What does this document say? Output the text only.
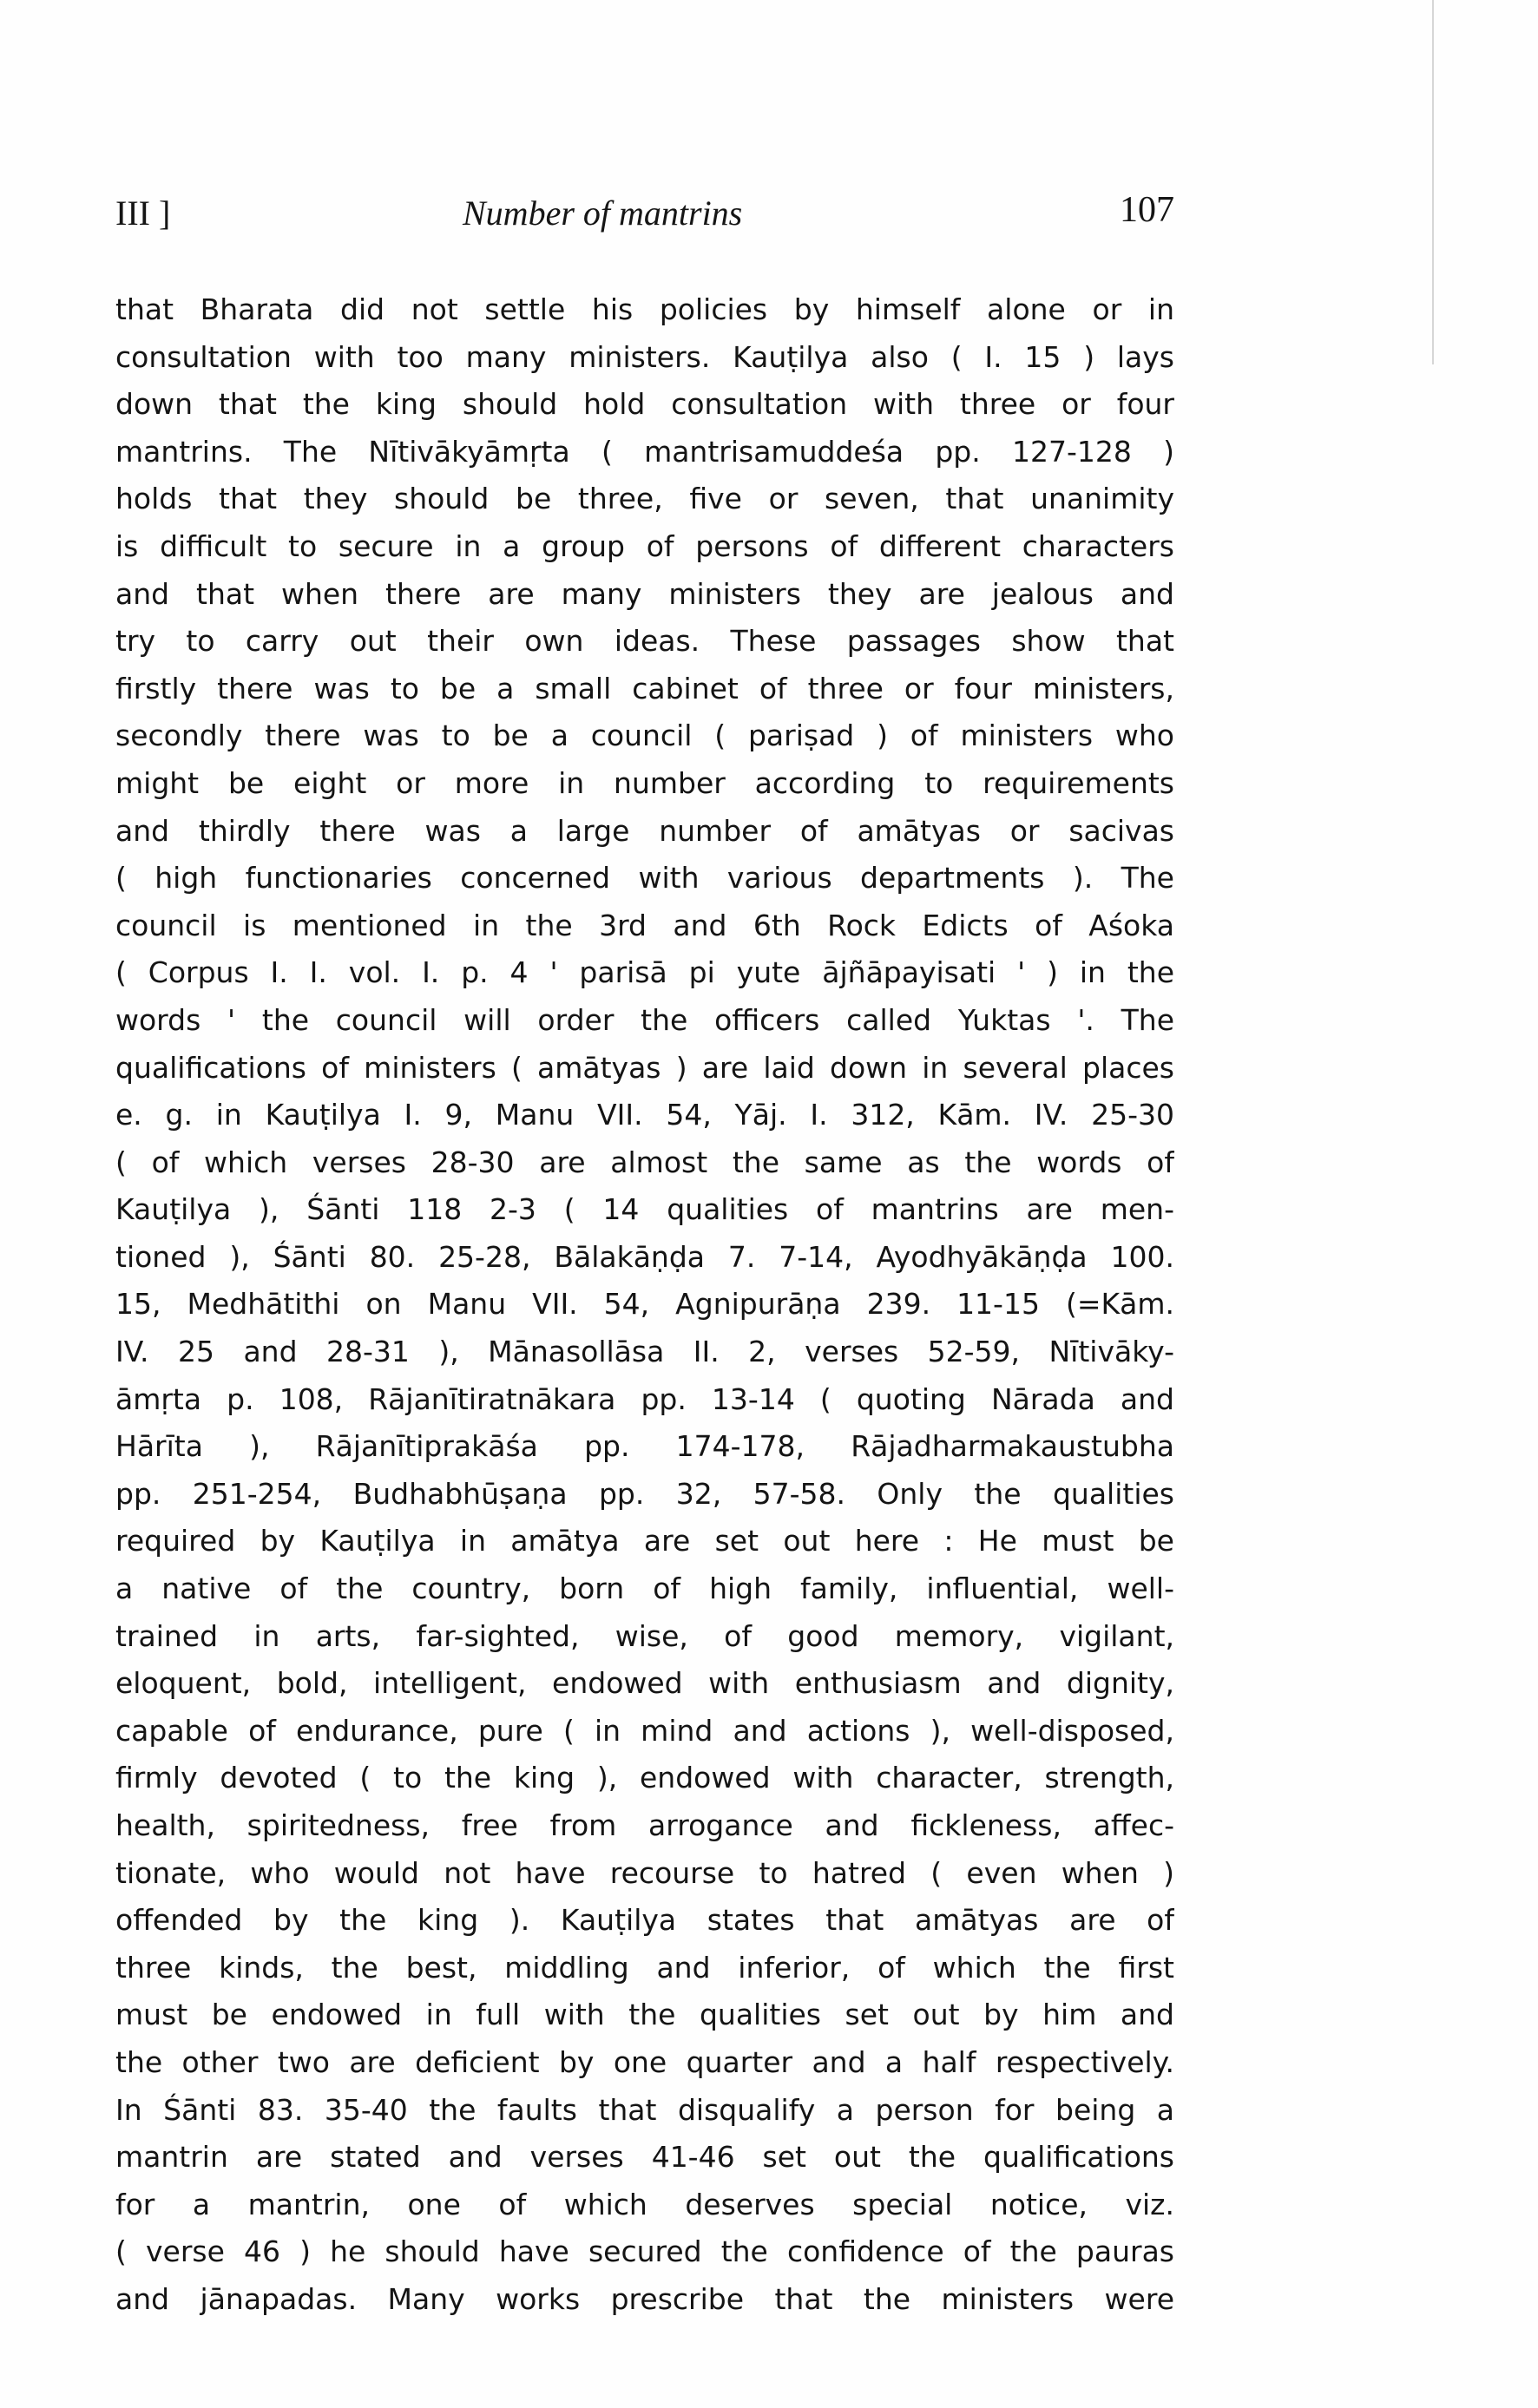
III ]	Number of mantrins	107
that Bharata did not settle his policies by himself alone or in
consultation with too many ministers. Kauṭilya also ( I. 15 ) lays
down that the king should hold consultation with three or four
mantrins. The Nītivākyāmṛta ( mantrisamuddeśa pp. 127-128 )
holds that they should be three, five or seven, that unanimity
is difficult to secure in a group of persons of different characters
and that when there are many ministers they are jealous and
try to carry out their own ideas. These passages show that
firstly there was to be a small cabinet of three or four ministers,
secondly there was to be a council ( pariṣad ) of ministers who
might be eight or more in number according to requirements
and thirdly there was a large number of amātyas or sacivas
( high functionaries concerned with various departments ). The
council is mentioned in the 3rd and 6th Rock Edicts of Aśoka
( Corpus I. I. vol. I. p. 4 ' parisā pi yute ājñāpayisati ' ) in the
words ' the council will order the officers called Yuktas '. The
qualifications of ministers ( amātyas ) are laid down in several places
e. g. in Kauṭilya I. 9, Manu VII. 54, Yāj. I. 312, Kām. IV. 25-30
( of which verses 28-30 are almost the same as the words of
Kauṭilya ), Śānti 118 2-3 ( 14 qualities of mantrins are men-
tioned ), Śānti 80. 25-28, Bālakāṇḍa 7. 7-14, Ayodhyākāṇḍa 100.
15, Medhātithi on Manu VII. 54, Agnipurāṇa 239. 11-15 (=Kām.
IV. 25 and 28-31 ), Mānasollāsa II. 2, verses 52-59, Nītivāky-
āmṛta p. 108, Rājanītiratnākara pp. 13-14 ( quoting Nārada and
Hārīta ), Rājanītiprakāśa pp. 174-178, Rājadharmakaustubha
pp. 251-254, Budhabhūṣaṇa pp. 32, 57-58. Only the qualities
required by Kauṭilya in amātya are set out here : He must be
a native of the country, born of high family, influential, well-
trained in arts, far-sighted, wise, of good memory, vigilant,
eloquent, bold, intelligent, endowed with enthusiasm and dignity,
capable of endurance, pure ( in mind and actions ), well-disposed,
firmly devoted ( to the king ), endowed with character, strength,
health, spiritedness, free from arrogance and fickleness, affec-
tionate, who would not have recourse to hatred ( even when )
offended by the king ). Kauṭilya states that amātyas are of
three kinds, the best, middling and inferior, of which the first
must be endowed in full with the qualities set out by him and
the other two are deficient by one quarter and a half respectively.
In Śānti 83. 35-40 the faults that disqualify a person for being a
mantrin are stated and verses 41-46 set out the qualifications
for a mantrin, one of which deserves special notice, viz.
( verse 46 ) he should have secured the confidence of the pauras
and jānapadas. Many works prescribe that the ministers were
